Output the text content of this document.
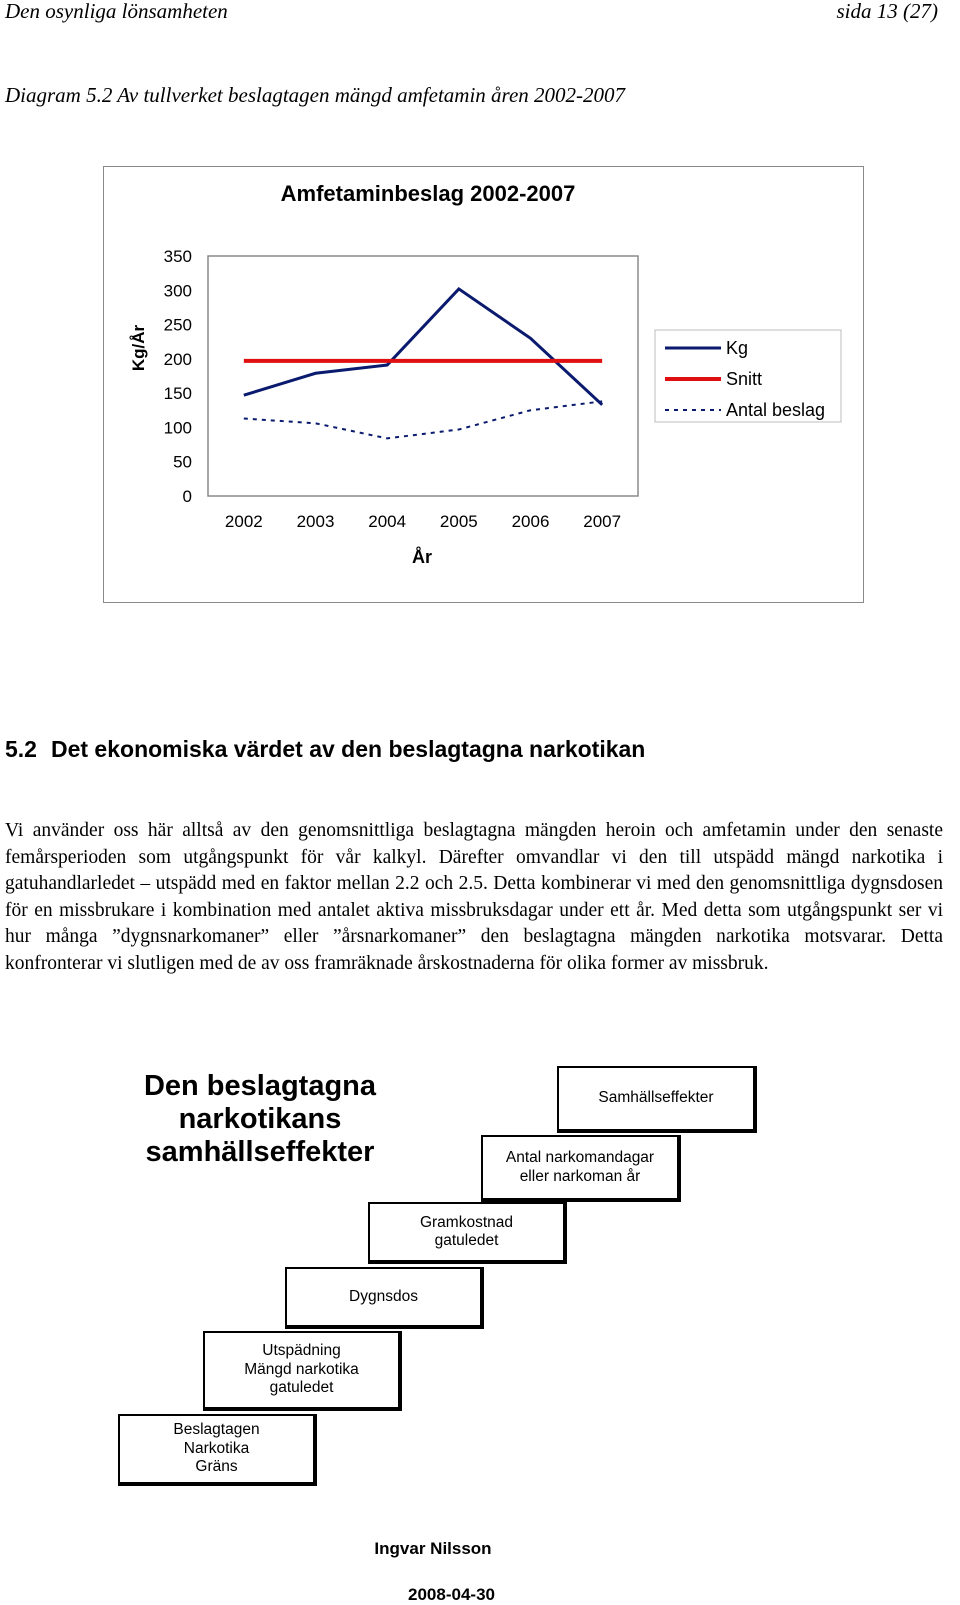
Den osynliga lönsamheten	sida 13 (27)
Diagram 5.2 Av tullverket beslagtagen mängd amfetamin åren 2002-2007
Amfetaminbeslag 2002-2007
0
50
100
150
200
250
300
350
2002 2003 2004 2005 2006 2007
Kg/År
År
Kg
Snitt
Antal beslag
5.2 Det ekonomiska värdet av den beslagtagna narkotikan

Vi använder oss här alltså av den genomsnittliga beslagtagna mängden heroin och amfetamin under den senaste femårsperioden som utgångspunkt för vår kalkyl. Därefter omvandlar vi den till utspädd mängd narkotika i gatuhandlarledet – utspädd med en faktor mellan 2.2 och 2.5. Detta kombinerar vi med den genomsnittliga dygnsdosen för en missbrukare i kombination med antalet aktiva missbruksdagar under ett år. Med detta som utgångspunkt ser vi hur många ”dygnsnarkomaner” eller ”årsnarkomaner” den beslagtagna mängden narkotika motsvarar. Detta konfronterar vi slutligen med de av oss framräknade årskostnaderna för olika former av missbruk.

Den beslagtagna narkotikans samhällseffekter
Samhällseffekter
Antal narkomandagar
eller narkoman år
Gramkostnad
gatuledet
Dygnsdos
Utspädning
Mängd narkotika
gatuledet
Beslagtagen
Narkotika
Gräns
Ingvar Nilsson
2008-04-30
